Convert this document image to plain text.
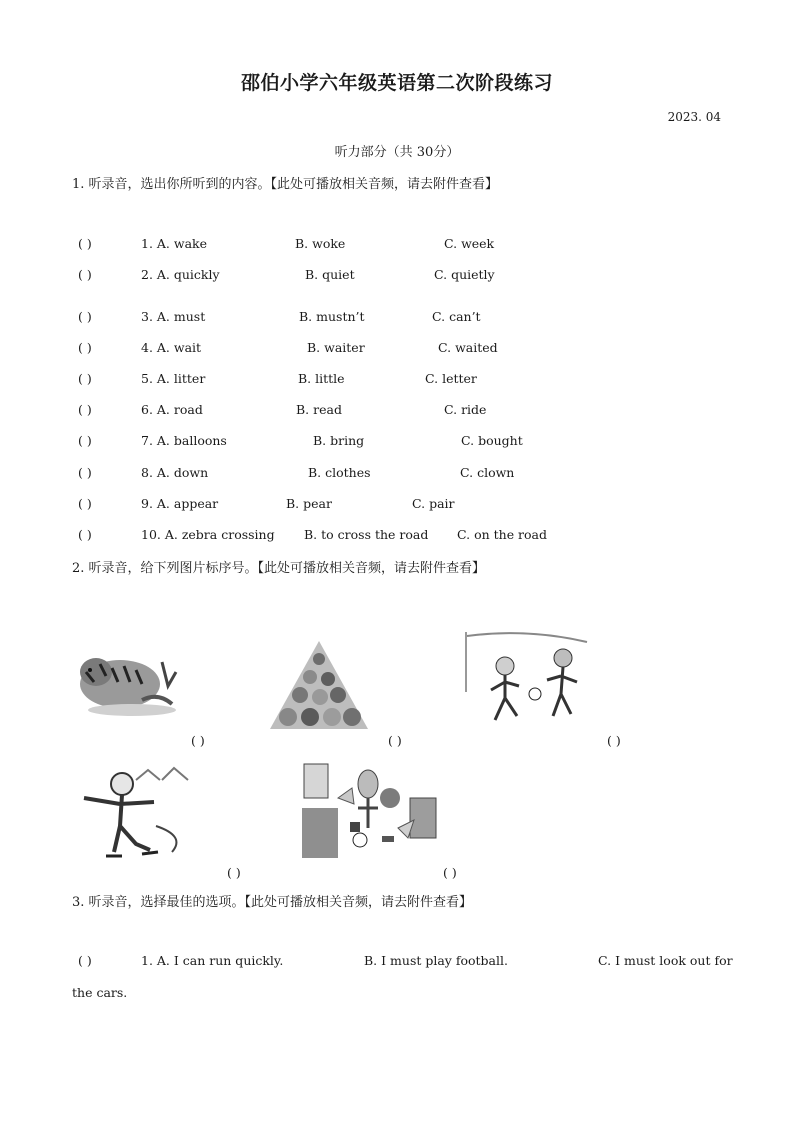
邵伯小学六年级英语第二次阶段练习
2023. 04
听力部分（共 30分）
1. 听录音，选出你所听到的内容。【此处可播放相关音频，请去附件查看】
( )	1. A. wake	B. woke	C. week
( )	2. A. quickly	B. quiet	C. quietly
( )	3. A. must	B. mustn’t	C. can’t
( )	4. A. wait	B. waiter	C. waited
( )	5. A. litter	B. little	C. letter
( )	6. A. road	B. read	C. ride
( )	7. A. balloons	B. bring	C. bought
( )	8. A. down	B. clothes	C. clown
( )	9. A. appear	B. pear	C. pair
( )	10. A. zebra crossing B. to cross the road C. on the road
2. 听录音，给下列图片标序号。【此处可播放相关音频，请去附件查看】
( )	( )	( )
( )	( )
3. 听录音，选择最佳的选项。【此处可播放相关音频，请去附件查看】
( )	1. A. I can run quickly.	B. I must play football.	C. I must look out for
the cars.
